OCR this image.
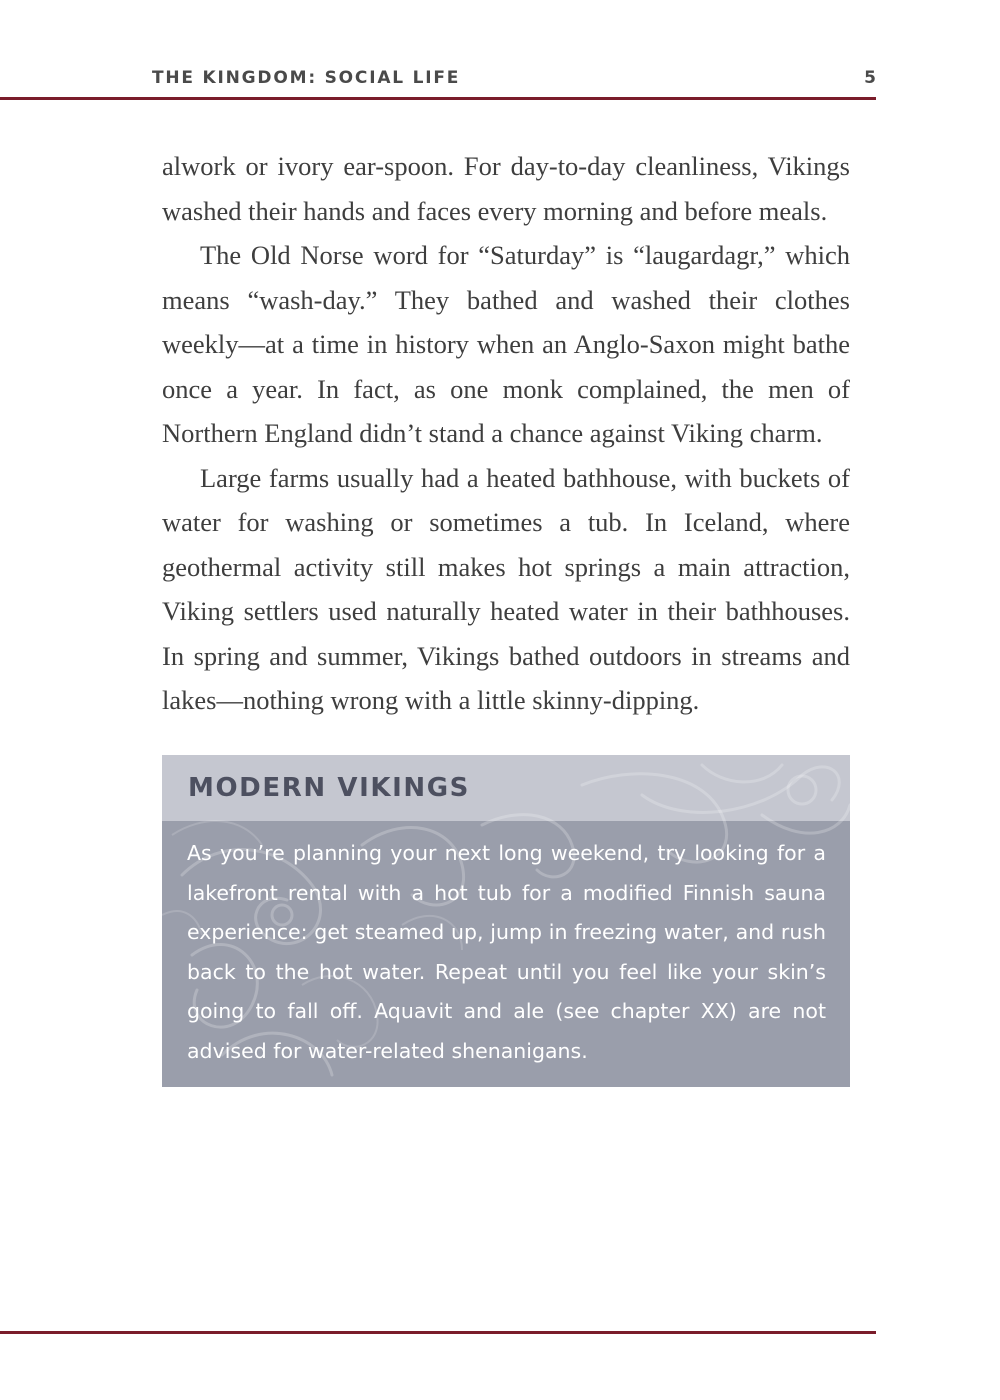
THE KINGDOM: SOCIAL LIFE	5

alwork or ivory ear-spoon. For day-to-day cleanliness, Vikings washed their hands and faces every morning and before meals.

The Old Norse word for “Saturday” is “laugardagr,” which means “wash-day.” They bathed and washed their clothes weekly—at a time in history when an Anglo-Saxon might bathe once a year. In fact, as one monk complained, the men of Northern England didn’t stand a chance against Viking charm.

Large farms usually had a heated bathhouse, with buckets of water for washing or sometimes a tub. In Iceland, where geothermal activity still makes hot springs a main attraction, Viking settlers used naturally heated water in their bathhouses. In spring and summer, Vikings bathed outdoors in streams and lakes—nothing wrong with a little skinny-dipping.

MODERN VIKINGS

As you’re planning your next long weekend, try looking for a lakefront rental with a hot tub for a modified Finnish sauna experience: get steamed up, jump in freezing water, and rush back to the hot water. Repeat until you feel like your skin’s going to fall off. Aquavit and ale (see chapter XX) are not advised for water-related shenanigans.
